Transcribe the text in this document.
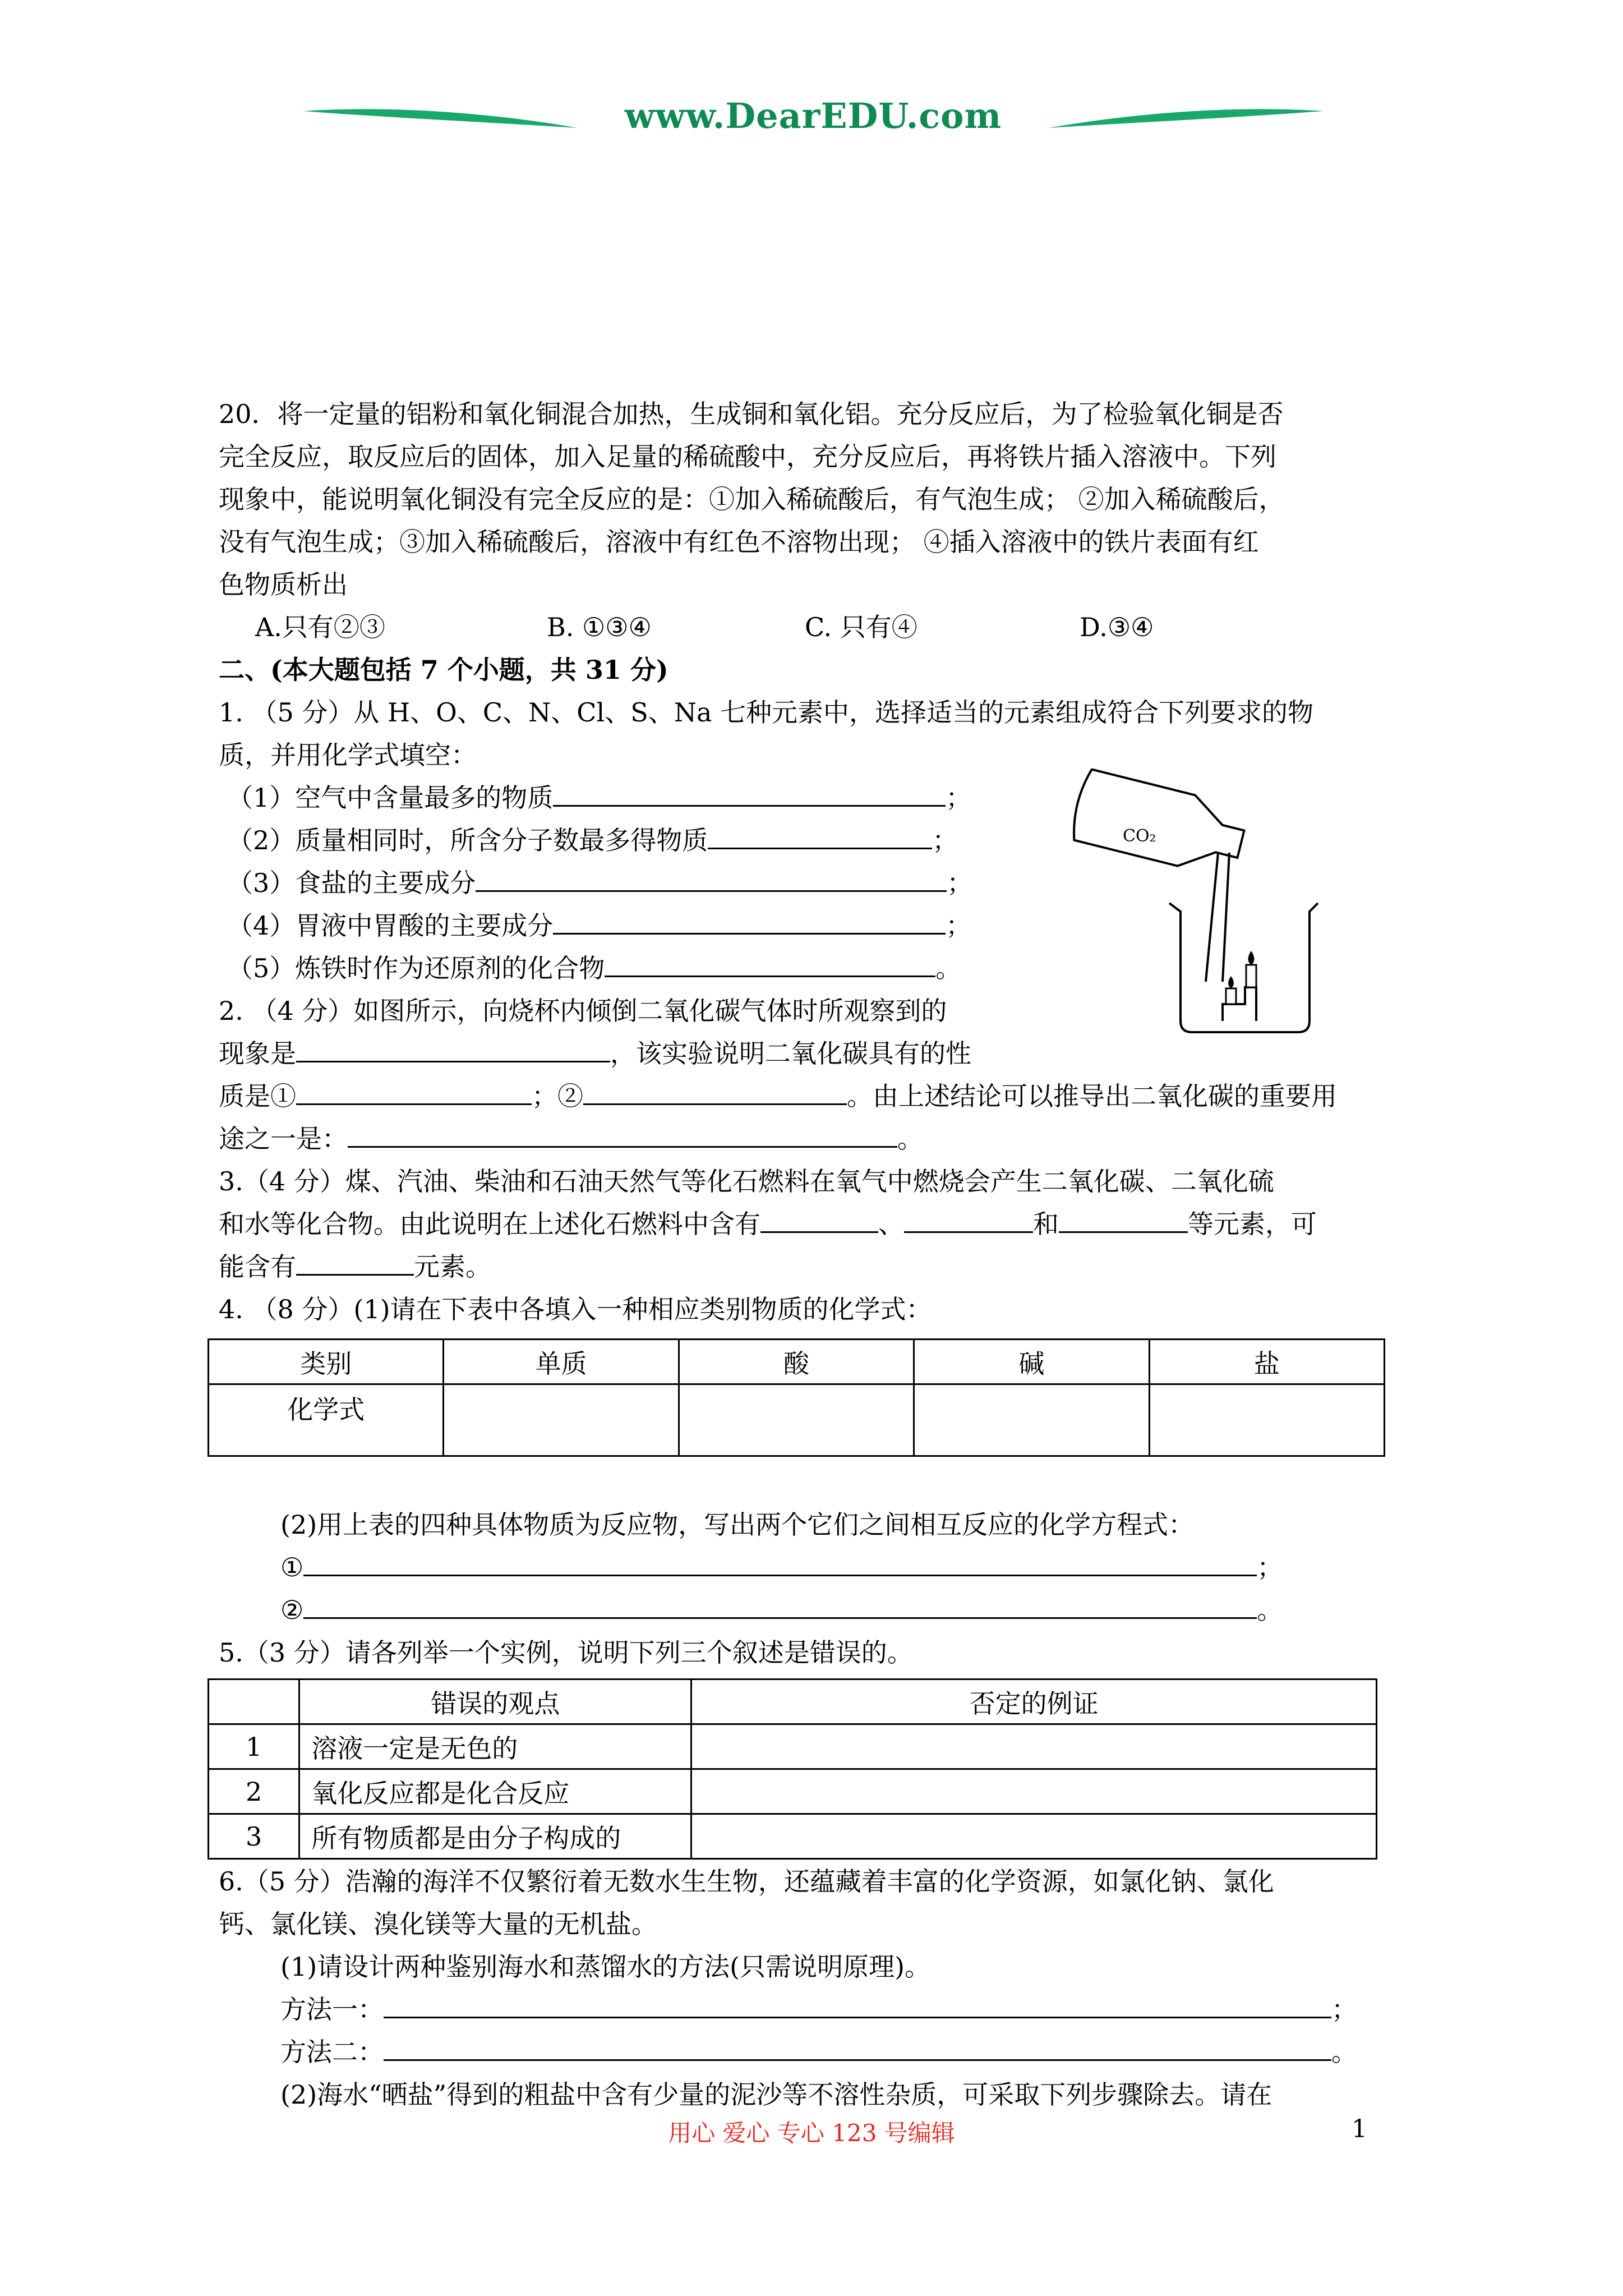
www.DearEDU.com
20．将一定量的铝粉和氧化铜混合加热，生成铜和氧化铝。充分反应后，为了检验氧化铜是否
完全反应，取反应后的固体，加入足量的稀硫酸中，充分反应后，再将铁片插入溶液中。下列
现象中，能说明氧化铜没有完全反应的是：①加入稀硫酸后，有气泡生成； ②加入稀硫酸后，
没有气泡生成；③加入稀硫酸后，溶液中有红色不溶物出现； ④插入溶液中的铁片表面有红
色物质析出
A.只有②③	B. ①③④	C. 只有④	D.③④
二、(本大题包括 7 个小题，共 31 分)
1. （5 分）从 H、O、C、N、Cl、S、Na 七种元素中，选择适当的元素组成符合下列要求的物
质，并用化学式填空：
（1）空气中含量最多的物质	；
（2）质量相同时，所含分子数最多得物质	；
（3）食盐的主要成分	；
（4）胃液中胃酸的主要成分	；
（5）炼铁时作为还原剂的化合物	。
CO₂
2. （4 分）如图所示，向烧杯内倾倒二氧化碳气体时所观察到的
现象是	，该实验说明二氧化碳具有的性
质是①	；②	。由上述结论可以推导出二氧化碳的重要用
途之一是：	。
3.（4 分）煤、汽油、柴油和石油天然气等化石燃料在氧气中燃烧会产生二氧化碳、二氧化硫
和水等化合物。由此说明在上述化石燃料中含有	、	和	等元素，可
能含有	元素。
4. （8 分）(1)请在下表中各填入一种相应类别物质的化学式：
类别	单质	酸	碱	盐
化学式				
(2)用上表的四种具体物质为反应物，写出两个它们之间相互反应的化学方程式：
①	；
②	。
5.（3 分）请各列举一个实例，说明下列三个叙述是错误的。
	错误的观点	否定的例证
1	溶液一定是无色的	
2	氧化反应都是化合反应	
3	所有物质都是由分子构成的	
6.（5 分）浩瀚的海洋不仅繁衍着无数水生生物，还蕴藏着丰富的化学资源，如氯化钠、氯化
钙、氯化镁、溴化镁等大量的无机盐。
(1)请设计两种鉴别海水和蒸馏水的方法(只需说明原理)。
方法一：	；
方法二：	。
(2)海水“晒盐”得到的粗盐中含有少量的泥沙等不溶性杂质，可采取下列步骤除去。请在
用心 爱心 专心 123 号编辑	1
